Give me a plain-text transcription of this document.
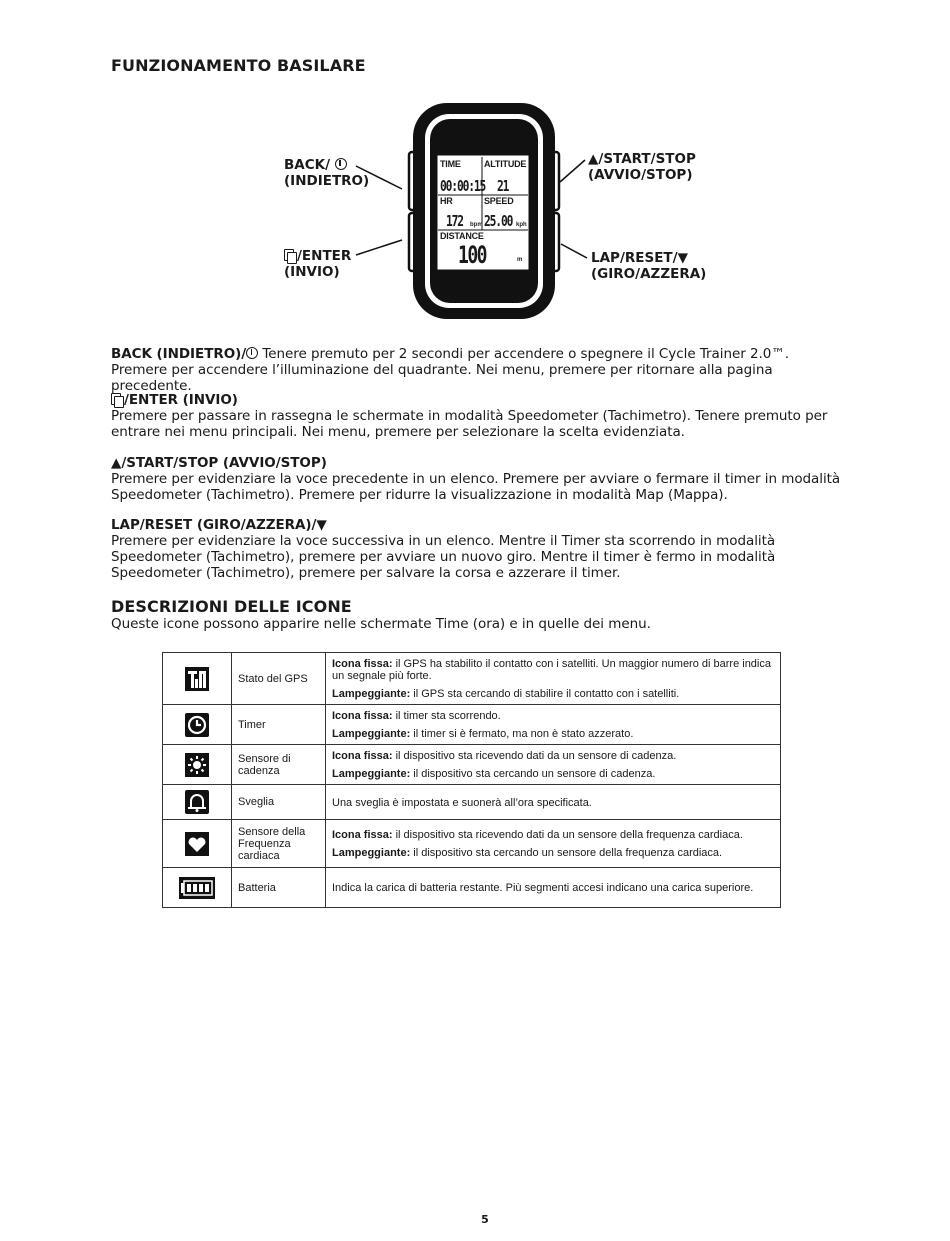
FUNZIONAMENTO BASILARE
TIME
00:00:15
ALTITUDE
21
HR
172 bpm
SPEED
25.00 kph
DISTANCE
100	m
BACK/
(INDIETRO)
/ENTER
(INVIO)
▲/START/STOP
(AVVIO/STOP)
LAP/RESET/▼
(GIRO/AZZERA)
BACK (INDIETRO)/ Tenere premuto per 2 secondi per accendere o spegnere il Cycle Trainer 2.0™. Premere per accendere l’illuminazione del quadrante. Nei menu, premere per ritornare alla pagina precedente.
/ENTER (INVIO)
Premere per passare in rassegna le schermate in modalità Speedometer (Tachimetro). Tenere premuto per entrare nei menu principali. Nei menu, premere per selezionare la scelta evidenziata.
▲/START/STOP (AVVIO/STOP)
Premere per evidenziare la voce precedente in un elenco. Premere per avviare o fermare il timer in modalità Speedometer (Tachimetro). Premere per ridurre la visualizzazione in modalità Map (Mappa).
LAP/RESET (GIRO/AZZERA)/▼
Premere per evidenziare la voce successiva in un elenco. Mentre il Timer sta scorrendo in modalità Speedometer (Tachimetro), premere per avviare un nuovo giro. Mentre il timer è fermo in modalità Speedometer (Tachimetro), premere per salvare la corsa e azzerare il timer.
DESCRIZIONI DELLE ICONE
Queste icone possono apparire nelle schermate Time (ora) e in quelle dei menu.
	Stato del GPS	Icona fissa: il GPS ha stabilito il contatto con i satelliti. Un maggior numero di barre indica un segnale più forte.

Lampeggiante: il GPS sta cercando di stabilire il contatto con i satelliti.

	Timer	Icona fissa: il timer sta scorrendo.

Lampeggiante: il timer si è fermato, ma non è stato azzerato.

	Sensore di cadenza	Icona fissa: il dispositivo sta ricevendo dati da un sensore di cadenza.

Lampeggiante: il dispositivo sta cercando un sensore di cadenza.

	Sveglia	Una sveglia è impostata e suonerà all’ora specificata.
	Sensore della Frequenza cardiaca	Icona fissa: il dispositivo sta ricevendo dati da un sensore della frequenza cardiaca.

Lampeggiante: il dispositivo sta cercando un sensore della frequenza cardiaca.

	Batteria	Indica la carica di batteria restante. Più segmenti accesi indicano una carica superiore.
5
